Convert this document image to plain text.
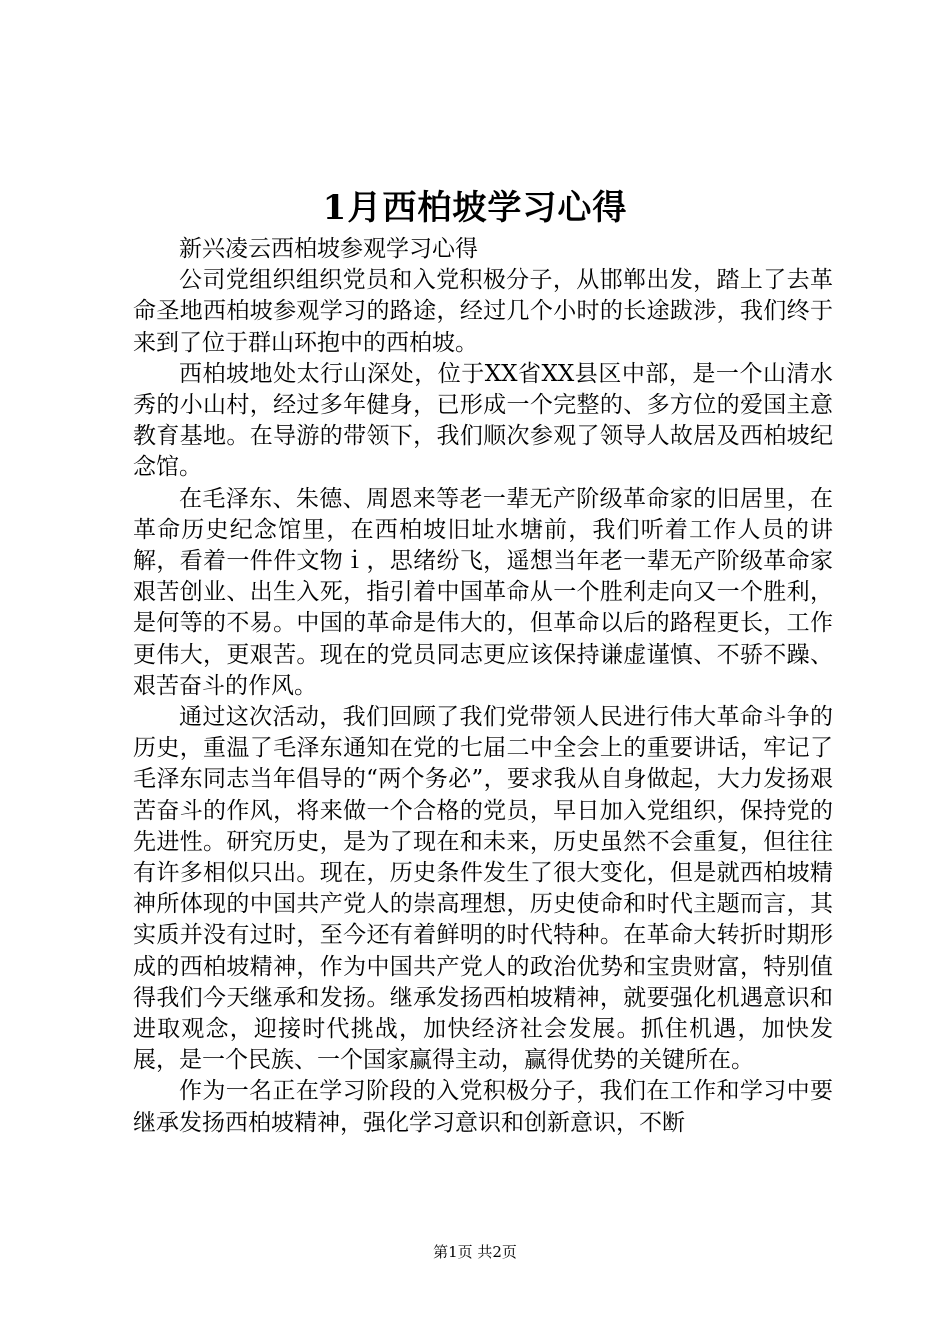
1月西柏坡学习心得

新兴凌云西柏坡参观学习心得

公司党组织组织党员和入党积极分子，从邯郸出发，踏上了去革命圣地西柏坡参观学习的路途，经过几个小时的长途跋涉，我们终于来到了位于群山环抱中的西柏坡。

西柏坡地处太行山深处，位于XX省XX县区中部，是一个山清水秀的小山村，经过多年健身，已形成一个完整的、多方位的爱国主意教育基地。在导游的带领下，我们顺次参观了领导人故居及西柏坡纪念馆。

在毛泽东、朱德、周恩来等老一辈无产阶级革命家的旧居里，在革命历史纪念馆里，在西柏坡旧址水塘前，我们听着工作人员的讲解，看着一件件文物ｉ，思绪纷飞，遥想当年老一辈无产阶级革命家艰苦创业、出生入死，指引着中国革命从一个胜利走向又一个胜利，是何等的不易。中国的革命是伟大的，但革命以后的路程更长，工作更伟大，更艰苦。现在的党员同志更应该保持谦虚谨慎、不骄不躁、艰苦奋斗的作风。

通过这次活动，我们回顾了我们党带领人民进行伟大革命斗争的历史，重温了毛泽东通知在党的七届二中全会上的重要讲话，牢记了毛泽东同志当年倡导的“两个务必”，要求我从自身做起，大力发扬艰苦奋斗的作风，将来做一个合格的党员，早日加入党组织，保持党的先进性。研究历史，是为了现在和未来，历史虽然不会重复，但往往有许多相似只出。现在，历史条件发生了很大变化，但是就西柏坡精神所体现的中国共产党人的崇高理想，历史使命和时代主题而言，其实质并没有过时，至今还有着鲜明的时代特种。在革命大转折时期形成的西柏坡精神，作为中国共产党人的政治优势和宝贵财富，特别值得我们今天继承和发扬。继承发扬西柏坡精神，就要强化机遇意识和进取观念，迎接时代挑战，加快经济社会发展。抓住机遇，加快发展，是一个民族、一个国家赢得主动，赢得优势的关键所在。

作为一名正在学习阶段的入党积极分子，我们在工作和学习中要继承发扬西柏坡精神，强化学习意识和创新意识，不断

第1页 共2页
